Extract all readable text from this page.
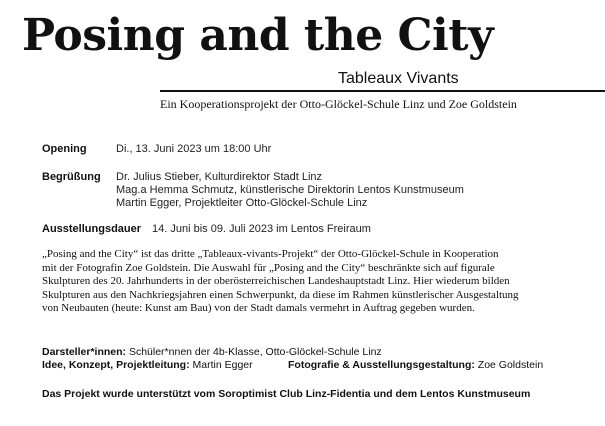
Posing and the City
Tableaux Vivants
Ein Kooperationsprojekt der Otto-Glöckel-Schule Linz und Zoe Goldstein
Opening	Di., 13. Juni 2023 um 18:00 Uhr
Begrüßung Dr. Julius Stieber, Kulturdirektor Stadt Linz
Mag.a Hemma Schmutz, künstlerische Direktorin Lentos Kunstmuseum
Martin Egger, Projektleiter Otto-Glöckel-Schule Linz
Ausstellungsdauer 14. Juni bis 09. Juli 2023 im Lentos Freiraum
„Posing and the City“ ist das dritte „Tableaux-vivants-Projekt“ der Otto-Glöckel-Schule in Kooperation
mit der Fotografin Zoe Goldstein. Die Auswahl für „Posing and the City“ beschränkte sich auf figurale
Skulpturen des 20. Jahrhunderts in der oberösterreichischen Landeshauptstadt Linz. Hier wiederum bilden
Skulpturen aus den Nachkriegsjahren einen Schwerpunkt, da diese im Rahmen künstlerischer Ausgestaltung
von Neubauten (heute: Kunst am Bau) von der Stadt damals vermehrt in Auftrag gegeben wurden.
Darsteller*innen: Schüler*nnen der 4b-Klasse, Otto-Glöckel-Schule Linz
Idee, Konzept, Projektleitung: Martin Egger	Fotografie & Ausstellungsgestaltung: Zoe Goldstein
Das Projekt wurde unterstützt vom Soroptimist Club Linz-Fidentia und dem Lentos Kunstmuseum
